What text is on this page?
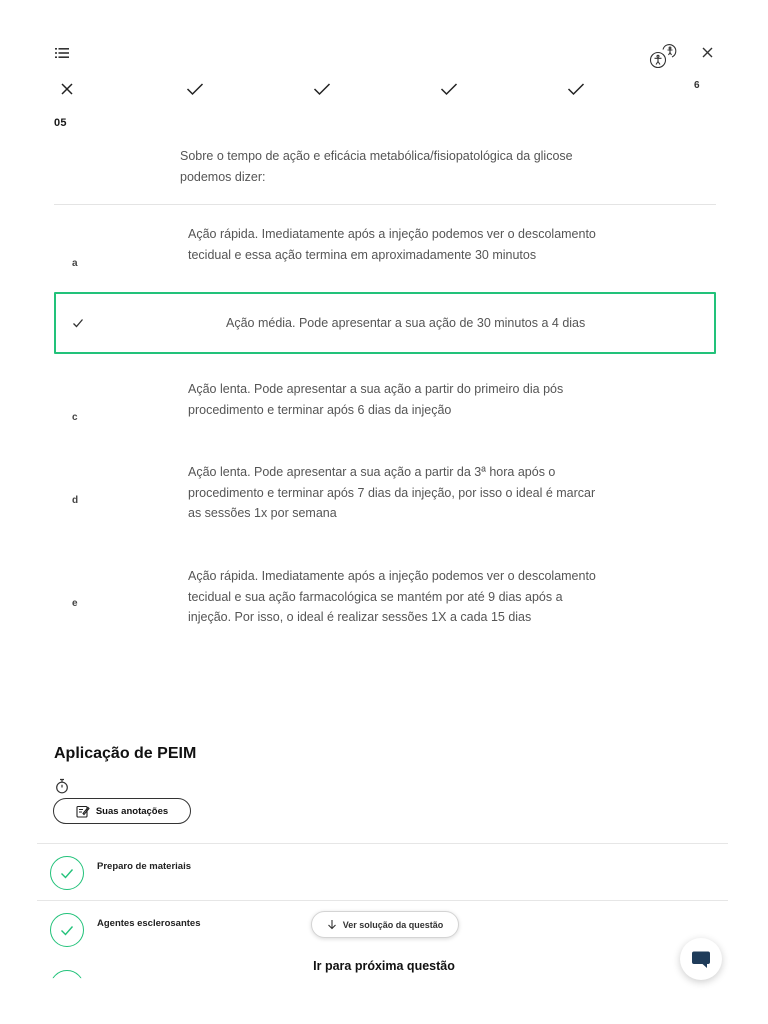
6
05
Sobre o tempo de ação e eficácia metabólica/fisiopatológica da glicose podemos dizer:
a
Ação rápida. Imediatamente após a injeção podemos ver o descolamento tecidual e essa ação termina em aproximadamente 30 minutos
Ação média. Pode apresentar a sua ação de 30 minutos a 4 dias
c
Ação lenta. Pode apresentar a sua ação a partir do primeiro dia pós procedimento e terminar após 6 dias da injeção
d
Ação lenta. Pode apresentar a sua ação a partir da 3ª hora após o procedimento e terminar após 7 dias da injeção, por isso o ideal é marcar as sessões 1x por semana
e
Ação rápida. Imediatamente após a injeção podemos ver o descolamento tecidual e sua ação farmacológica se mantém por até 9 dias após a injeção. Por isso, o ideal é realizar sessões 1X a cada 15 dias
Aplicação de PEIM
Suas anotações
Preparo de materiais
Agentes esclerosantes	Ver solução da questão
Ir para próxima questão
